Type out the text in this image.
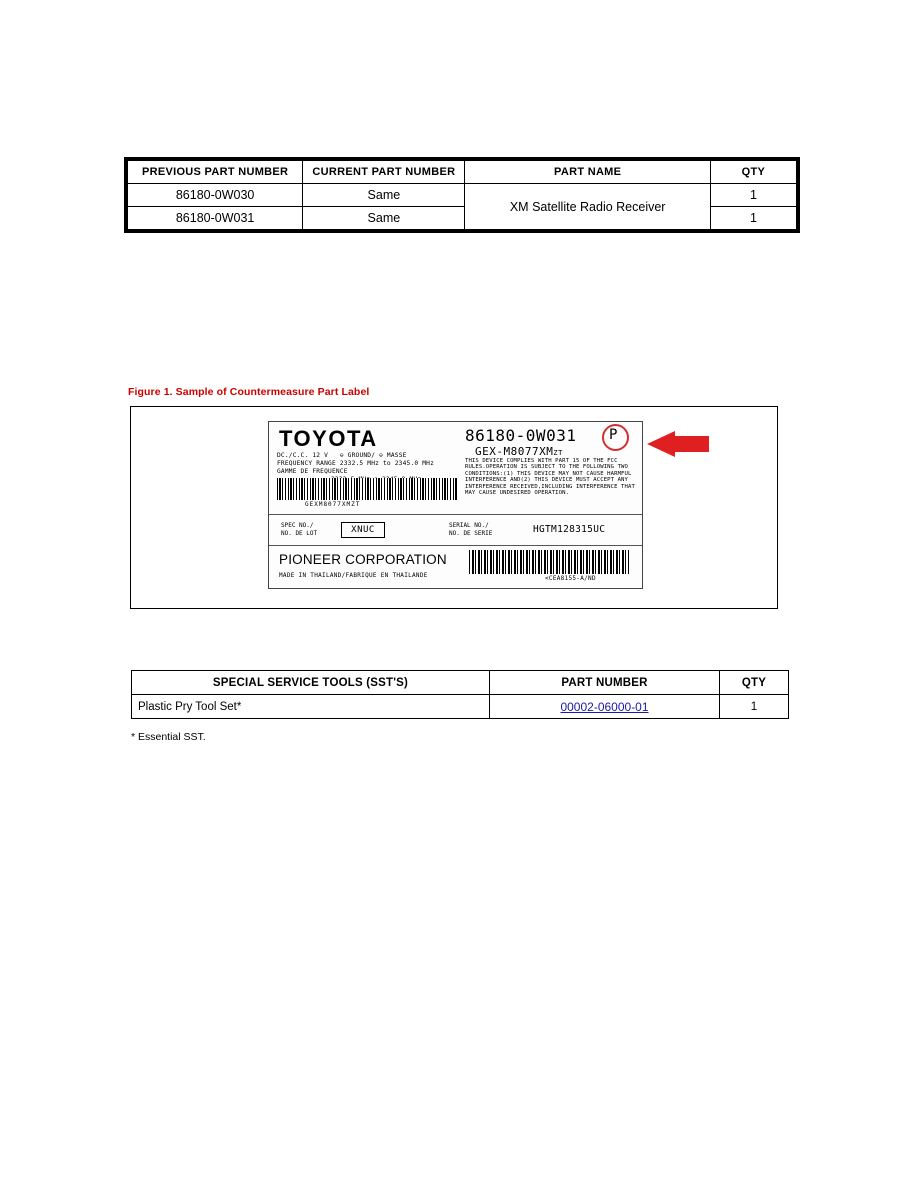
PREVIOUS PART NUMBER	CURRENT PART NUMBER	PART NAME	QTY
86180-0W030	Same	XM Satellite Radio Receiver	1
86180-0W031	Same		1
Figure 1. Sample of Countermeasure Part Label
TOYOTA
DC./C.C. 12 V ⊖ GROUND/ ⊖ MASSE
FREQUENCY RANGE 2332.5 MHz to 2345.0 MHz
GAMME DE FREQUENCE
GEXM8077XMZT
86180-0W031
GEX-M8077XMZT
THIS DEVICE COMPLIES WITH PART 15 OF THE FCC RULES.OPERATION IS SUBJECT TO THE FOLLOWING TWO CONDITIONS:(1) THIS DEVICE MAY NOT CAUSE HARMFUL INTERFERENCE AND(2) THIS DEVICE MUST ACCEPT ANY INTERFERENCE RECEIVED,INCLUDING INTERFERENCE THAT MAY CAUSE UNDESIRED OPERATION.
P
SPEC NO./
NO. DE LOT	XNUC	SERIAL NO./
NO. DE SERIE	HGTM128315UC
PIONEER CORPORATION
MADE IN THAILAND/FABRIQUE EN THAILANDE	<CEA8155-A/ND
SPECIAL SERVICE TOOLS (SST'S)	PART NUMBER	QTY
Plastic Pry Tool Set*	00002-06000-01	1
* Essential SST.
